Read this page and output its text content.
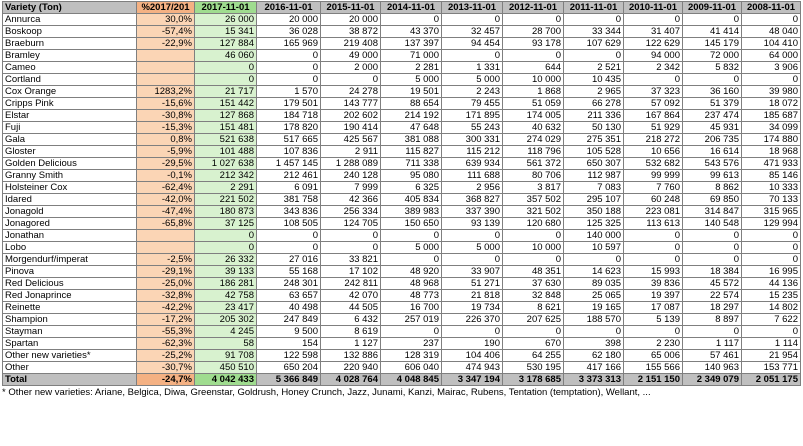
Variety (Ton)	%2017/201	2017-11-01	2016-11-01	2015-11-01	2014-11-01	2013-11-01	2012-11-01	2011-11-01	2010-11-01	2009-11-01	2008-11-01
Annurca	30,0%	26 000	20 000	20 000	0	0	0	0	0	0	0
Boskoop	-57,4%	15 341	36 028	38 872	43 370	32 457	28 700	33 344	31 407	41 414	48 040
Braeburn	-22,9%	127 884	165 969	219 408	137 397	94 454	93 178	107 629	122 629	145 179	104 410
Bramley		46 060	0	49 000	71 000	0	0	0	94 000	72 000	64 000
Cameo		0	0	2 000	2 281	1 331	644	2 521	2 342	5 832	3 906
Cortland		0	0	0	5 000	5 000	10 000	10 435	0	0	0
Cox Orange	1283,2%	21 717	1 570	24 278	19 501	2 243	1 868	2 965	37 323	36 160	39 980
Cripps Pink	-15,6%	151 442	179 501	143 777	88 654	79 455	51 059	66 278	57 092	51 379	18 072
Elstar	-30,8%	127 868	184 718	202 602	214 192	171 895	174 005	211 336	167 864	237 474	185 687
Fuji	-15,3%	151 481	178 820	190 414	47 648	55 243	40 632	50 130	51 929	45 931	34 099
Gala	0,8%	521 638	517 665	425 567	381 088	300 331	274 029	275 351	218 272	206 735	174 880
Gloster	-5,9%	101 488	107 836	2 911	115 827	115 212	118 796	105 528	10 656	16 614	18 968
Golden Delicious	-29,5%	1 027 638	1 457 145	1 288 089	711 338	639 934	561 372	650 307	532 682	543 576	471 933
Granny Smith	-0,1%	212 342	212 461	240 128	95 080	111 688	80 706	112 987	99 999	99 613	85 146
Holsteiner Cox	-62,4%	2 291	6 091	7 999	6 325	2 956	3 817	7 083	7 760	8 862	10 333
Idared	-42,0%	221 502	381 758	42 366	405 834	368 827	357 502	295 107	60 248	69 850	70 133
Jonagold	-47,4%	180 873	343 836	256 334	389 983	337 390	321 502	350 188	223 081	314 847	315 965
Jonagored	-65,8%	37 125	108 505	124 705	150 650	93 139	120 680	125 325	113 613	140 548	129 994
Jonathan		0	0	0	0	0	0	140 000	0	0	0
Lobo		0	0	0	5 000	5 000	10 000	10 597	0	0	0
Morgendurf/imperat	-2,5%	26 332	27 016	33 821	0	0	0	0	0	0	0
Pinova	-29,1%	39 133	55 168	17 102	48 920	33 907	48 351	14 623	15 993	18 384	16 995
Red Delicious	-25,0%	186 281	248 301	242 811	48 968	51 271	37 630	89 035	39 836	45 572	44 136
Red Jonaprince	-32,8%	42 758	63 657	42 070	48 773	21 818	32 848	25 065	19 397	22 574	15 235
Reinette	-42,2%	23 417	40 498	44 505	16 700	19 734	8 621	19 165	17 087	18 297	14 802
Shampion	-17,2%	205 302	247 849	6 432	257 019	226 370	207 625	188 570	5 139	8 897	7 622
Stayman	-55,3%	4 245	9 500	8 619	0	0	0	0	0	0	0
Spartan	-62,3%	58	154	1 127	237	190	670	398	2 230	1 117	1 114
Other new varieties*	-25,2%	91 708	122 598	132 886	128 319	104 406	64 255	62 180	65 006	57 461	21 954
Other	-30,7%	450 510	650 204	220 940	606 040	474 943	530 195	417 166	155 566	140 963	153 771
Total	-24,7%	4 042 433	5 366 849	4 028 764	4 048 845	3 347 194	3 178 685	3 373 313	2 151 150	2 349 079	2 051 175
* Other new varieties: Ariane, Belgica, Diwa, Greenstar, Goldrush, Honey Crunch, Jazz, Junami, Kanzi, Mairac, Rubens, Tentation (temptation), Wellant, ...
